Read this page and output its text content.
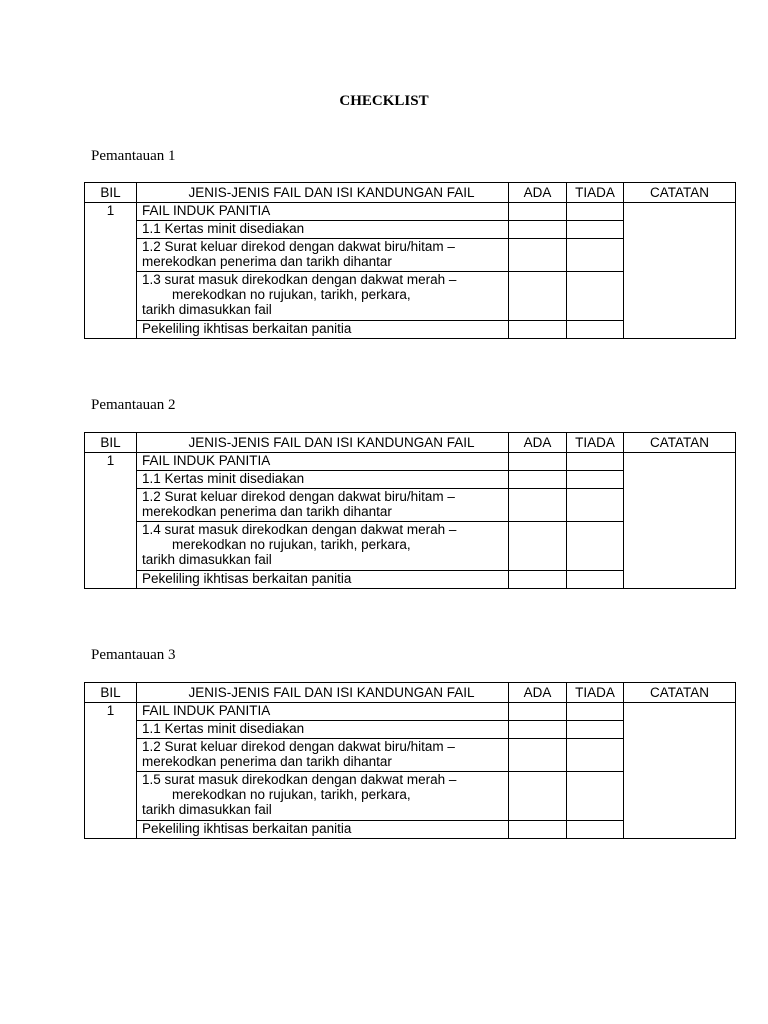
CHECKLIST
Pemantauan 1
BIL	JENIS-JENIS FAIL DAN ISI KANDUNGAN FAIL	ADA	TIADA	CATATAN
1	FAIL INDUK PANITIA			
	1.1 Kertas minit disediakan			
	1.2 Surat keluar direkod dengan dakwat biru/hitam –
merekodkan penerima dan tarikh dihantar			
	1.3 surat masuk direkodkan dengan dakwat merah –
merekodkan no rujukan, tarikh, perkara,
tarikh dimasukkan fail			
	Pekeliling ikhtisas berkaitan panitia			
Pemantauan 2
BIL	JENIS-JENIS FAIL DAN ISI KANDUNGAN FAIL	ADA	TIADA	CATATAN
1	FAIL INDUK PANITIA			
	1.1 Kertas minit disediakan			
	1.2 Surat keluar direkod dengan dakwat biru/hitam –
merekodkan penerima dan tarikh dihantar			
	1.4 surat masuk direkodkan dengan dakwat merah –
merekodkan no rujukan, tarikh, perkara,
tarikh dimasukkan fail			
	Pekeliling ikhtisas berkaitan panitia			
Pemantauan 3
BIL	JENIS-JENIS FAIL DAN ISI KANDUNGAN FAIL	ADA	TIADA	CATATAN
1	FAIL INDUK PANITIA			
	1.1 Kertas minit disediakan			
	1.2 Surat keluar direkod dengan dakwat biru/hitam –
merekodkan penerima dan tarikh dihantar			
	1.5 surat masuk direkodkan dengan dakwat merah –
merekodkan no rujukan, tarikh, perkara,
tarikh dimasukkan fail			
	Pekeliling ikhtisas berkaitan panitia			
